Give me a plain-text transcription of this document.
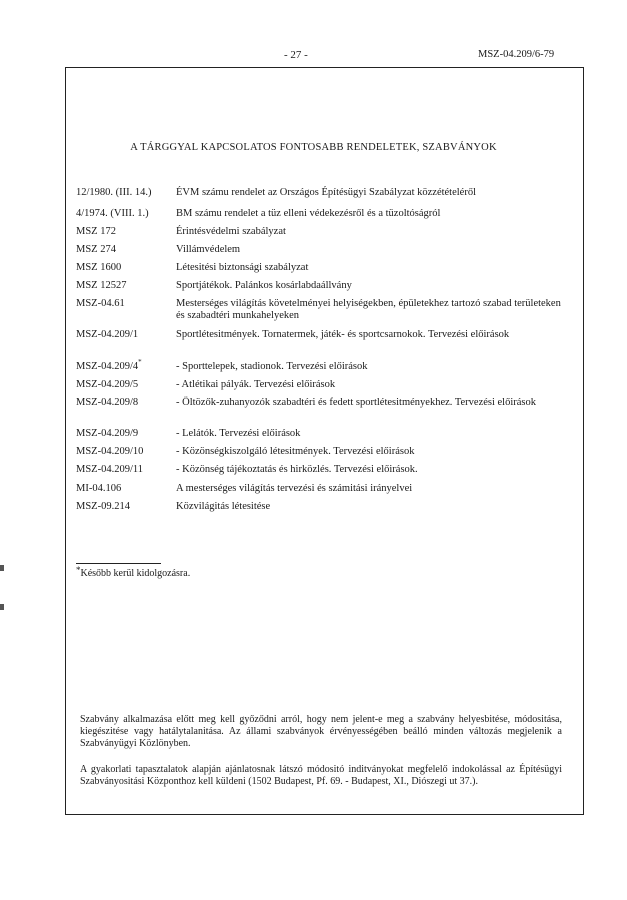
- 27 -	MSZ-04.209/6-79
A TÁRGGYAL KAPCSOLATOS FONTOSABB RENDELETEK, SZABVÁNYOK
12/1980. (III. 14.) ÉVM számu rendelet az Országos Építésügyi Szabályzat közzétételéről
4/1974. (VIII. 1.)	BM számu rendelet a tüz elleni védekezésről és a tüzoltóságról
MSZ 172	Érintésvédelmi szabályzat
MSZ 274	Villámvédelem
MSZ 1600	Létesitési biztonsági szabályzat
MSZ 12527	Sportjátékok. Palánkos kosárlabdaállvány
MSZ-04.61	Mesterséges világítás követelményei helyiségekben, épületekhez tartozó szabad területeken és szabadtéri munkahelyeken
MSZ-04.209/1	Sportlétesitmények. Tornatermek, játék- és sportcsarnokok. Tervezési előirások
MSZ-04.209/4*	- Sporttelepek, stadionok. Tervezési előirások
MSZ-04.209/5	- Atlétikai pályák. Tervezési előirások
MSZ-04.209/8	- Öltözők-zuhanyozók szabadtéri és fedett sportlétesitményekhez. Tervezési előirások
MSZ-04.209/9	- Lelátók. Tervezési előirások
MSZ-04.209/10	- Közönségkiszolgáló létesitmények. Tervezési előirások
MSZ-04.209/11	- Közönség tájékoztatás és hirközlés. Tervezési előirások.
MI-04.106	A mesterséges világítás tervezési és számitási irányelvei
MSZ-09.214	Közvilágitás létesitése
*Később kerül kidolgozásra.
Szabvány alkalmazása előtt meg kell győződni arról, hogy nem jelent-e meg a szabvány helyesbitése, módositása, kiegészitése vagy hatálytalanitása. Az állami szabványok érvényességében beálló minden változás megjelenik a Szabványügyi Közlönyben.
A gyakorlati tapasztalatok alapján ajánlatosnak látszó módositó inditványokat megfelelő indokolással az Építésügyi Szabványositási Központhoz kell küldeni (1502 Budapest, Pf. 69. - Budapest, XI., Diószegi ut 37.).
